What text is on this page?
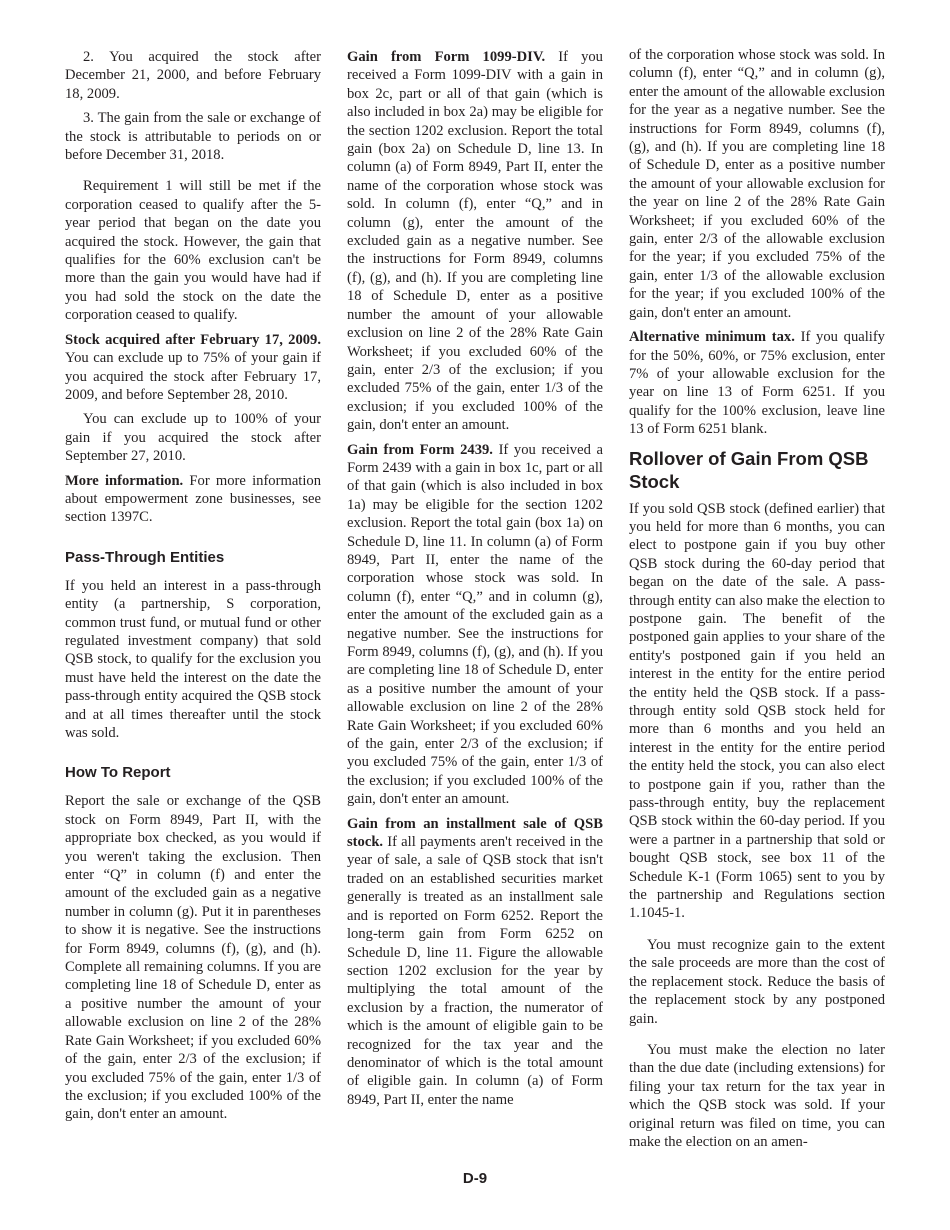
2. You acquired the stock after December 21, 2000, and before February 18, 2009.

3. The gain from the sale or exchange of the stock is attributable to periods on or before December 31, 2018.

Requirement 1 will still be met if the corporation ceased to qualify after the 5-year period that began on the date you acquired the stock. However, the gain that qualifies for the 60% exclusion can't be more than the gain you would have had if you had sold the stock on the date the corporation ceased to qualify.

Stock acquired after February 17, 2009. You can exclude up to 75% of your gain if you acquired the stock after February 17, 2009, and before September 28, 2010.

You can exclude up to 100% of your gain if you acquired the stock after September 27, 2010.

More information. For more information about empowerment zone businesses, see section 1397C.

Pass-Through Entities

If you held an interest in a pass-through entity (a partnership, S corporation, common trust fund, or mutual fund or other regulated investment company) that sold QSB stock, to qualify for the exclusion you must have held the interest on the date the pass-through entity acquired the QSB stock and at all times thereafter until the stock was sold.

How To Report

Report the sale or exchange of the QSB stock on Form 8949, Part II, with the appropriate box checked, as you would if you weren't taking the exclusion. Then enter “Q” in column (f) and enter the amount of the excluded gain as a negative number in column (g). Put it in parentheses to show it is negative. See the instructions for Form 8949, columns (f), (g), and (h). Complete all remaining columns. If you are completing line 18 of Schedule D, enter as a positive number the amount of your allowable exclusion on line 2 of the 28% Rate Gain Worksheet; if you excluded 60% of the gain, enter 2/3 of the exclusion; if you excluded 75% of the gain, enter 1/3 of the exclusion; if you excluded 100% of the gain, don't enter an amount.

Gain from Form 1099-DIV. If you received a Form 1099-DIV with a gain in box 2c, part or all of that gain (which is also included in box 2a) may be eligible for the section 1202 exclusion. Report the total gain (box 2a) on Schedule D, line 13. In column (a) of Form 8949, Part II, enter the name of the corporation whose stock was sold. In column (f), enter “Q,” and in column (g), enter the amount of the excluded gain as a negative number. See the instructions for Form 8949, columns (f), (g), and (h). If you are completing line 18 of Schedule D, enter as a positive number the amount of your allowable exclusion on line 2 of the 28% Rate Gain Worksheet; if you excluded 60% of the gain, enter 2/3 of the exclusion; if you excluded 75% of the gain, enter 1/3 of the exclusion; if you excluded 100% of the gain, don't enter an amount.

Gain from Form 2439. If you received a Form 2439 with a gain in box 1c, part or all of that gain (which is also included in box 1a) may be eligible for the section 1202 exclusion. Report the total gain (box 1a) on Schedule D, line 11. In column (a) of Form 8949, Part II, enter the name of the corporation whose stock was sold. In column (f), enter “Q,” and in column (g), enter the amount of the excluded gain as a negative number. See the instructions for Form 8949, columns (f), (g), and (h). If you are completing line 18 of Schedule D, enter as a positive number the amount of your allowable exclusion on line 2 of the 28% Rate Gain Worksheet; if you excluded 60% of the gain, enter 2/3 of the exclusion; if you excluded 75% of the gain, enter 1/3 of the exclusion; if you excluded 100% of the gain, don't enter an amount.

Gain from an installment sale of QSB stock. If all payments aren't received in the year of sale, a sale of QSB stock that isn't traded on an established securities market generally is treated as an installment sale and is reported on Form 6252. Report the long-term gain from Form 6252 on Schedule D, line 11. Figure the allowable section 1202 exclusion for the year by multiplying the total amount of the exclusion by a fraction, the numerator of which is the amount of eligible gain to be recognized for the tax year and the denominator of which is the total amount of eligible gain. In column (a) of Form 8949, Part II, enter the name

of the corporation whose stock was sold. In column (f), enter “Q,” and in column (g), enter the amount of the allowable exclusion for the year as a negative number. See the instructions for Form 8949, columns (f), (g), and (h). If you are completing line 18 of Schedule D, enter as a positive number the amount of your allowable exclusion for the year on line 2 of the 28% Rate Gain Worksheet; if you excluded 60% of the gain, enter 2/3 of the allowable exclusion for the year; if you excluded 75% of the gain, enter 1/3 of the allowable exclusion for the year; if you excluded 100% of the gain, don't enter an amount.

Alternative minimum tax. If you qualify for the 50%, 60%, or 75% exclusion, enter 7% of your allowable exclusion for the year on line 13 of Form 6251. If you qualify for the 100% exclusion, leave line 13 of Form 6251 blank.

Rollover of Gain From QSB Stock

If you sold QSB stock (defined earlier) that you held for more than 6 months, you can elect to postpone gain if you buy other QSB stock during the 60-day period that began on the date of the sale. A pass-through entity can also make the election to postpone gain. The benefit of the postponed gain applies to your share of the entity's postponed gain if you held an interest in the entity for the entire period the entity held the QSB stock. If a pass-through entity sold QSB stock held for more than 6 months and you held an interest in the entity for the entire period the entity held the stock, you can also elect to postpone gain if you, rather than the pass-through entity, buy the replacement QSB stock within the 60-day period. If you were a partner in a partnership that sold or bought QSB stock, see box 11 of the Schedule K-1 (Form 1065) sent to you by the partnership and Regulations section 1.1045-1.

You must recognize gain to the extent the sale proceeds are more than the cost of the replacement stock. Reduce the basis of the replacement stock by any postponed gain.

You must make the election no later than the due date (including extensions) for filing your tax return for the tax year in which the QSB stock was sold. If your original return was filed on time, you can make the election on an amen-

D-9
